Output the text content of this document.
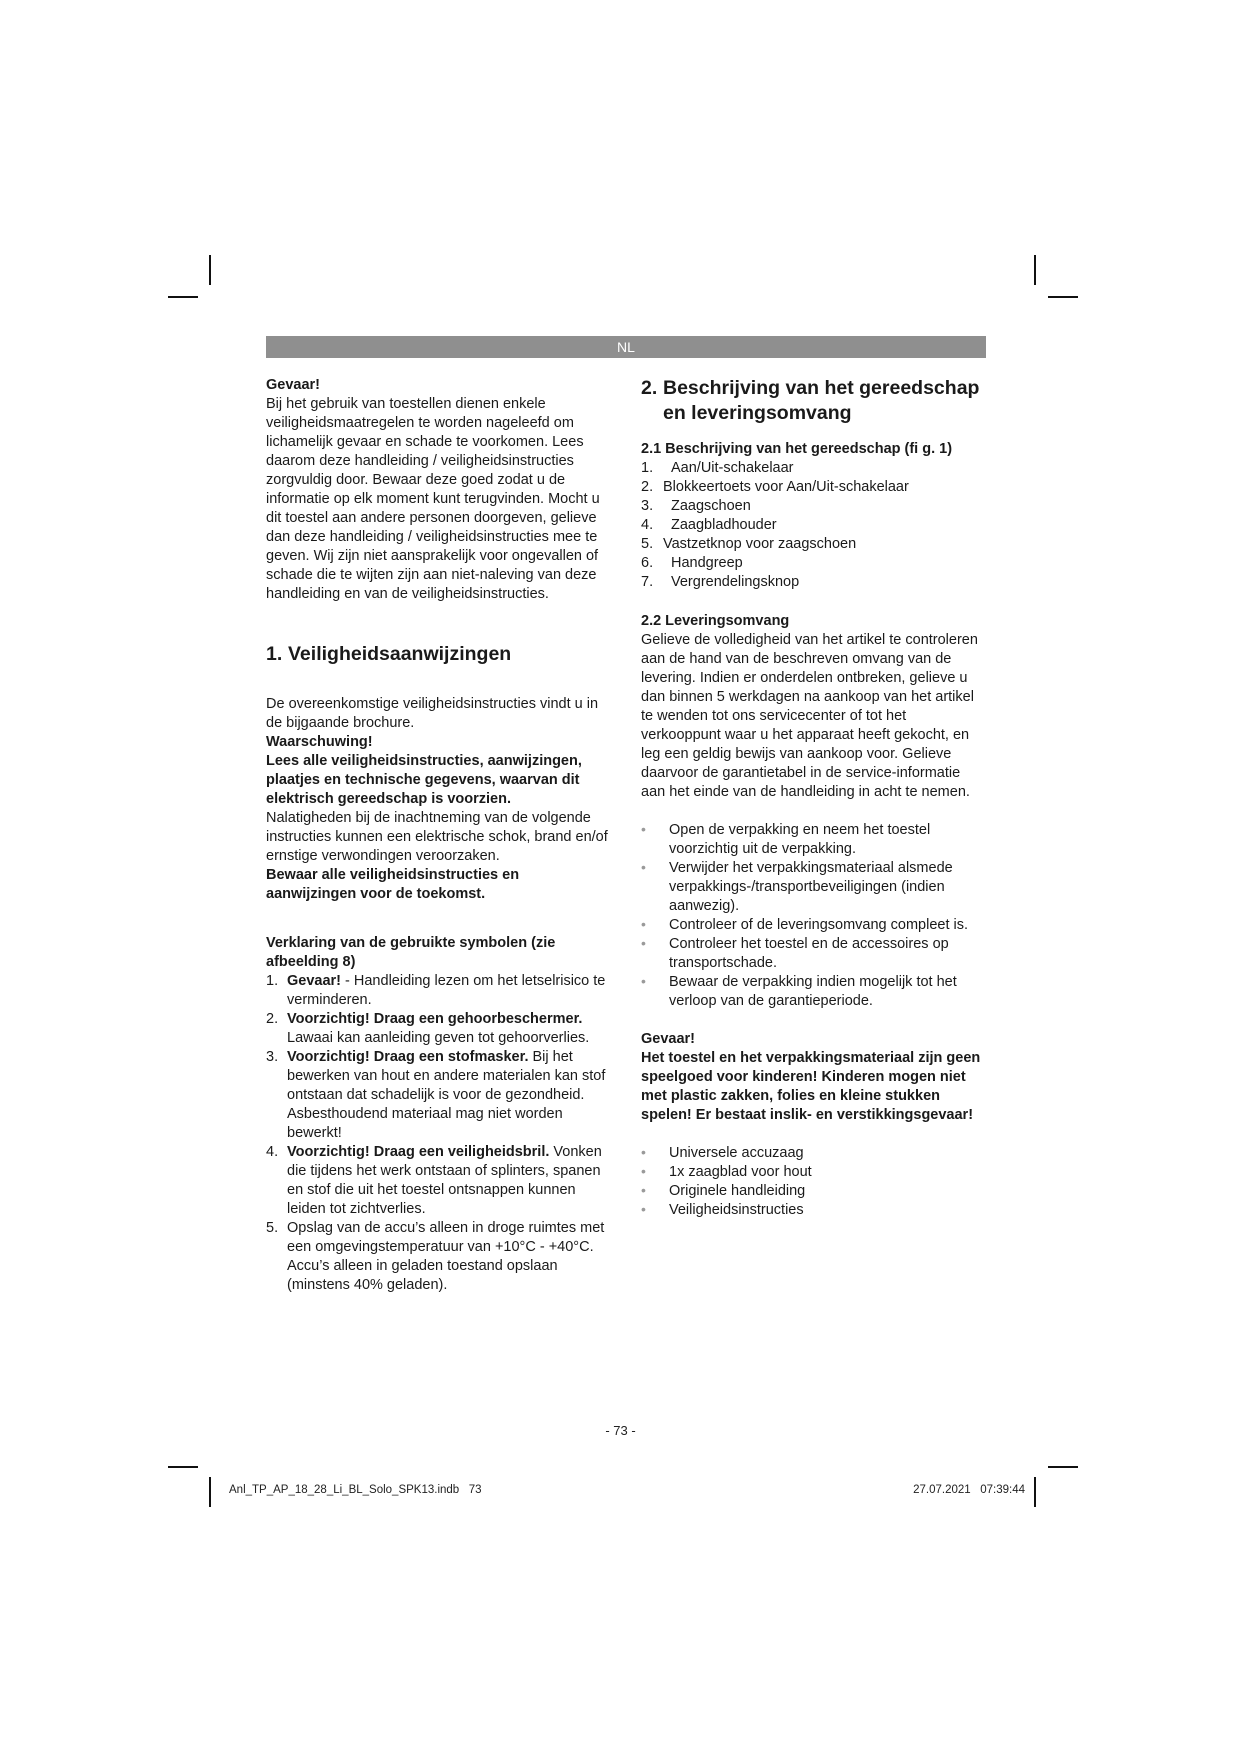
NL

Gevaar!

Bij het gebruik van toestellen dienen enkele veiligheidsmaatregelen te worden nageleefd om lichamelijk gevaar en schade te voorkomen. Lees daarom deze handleiding / veiligheidsinstructies zorgvuldig door. Bewaar deze goed zodat u de informatie op elk moment kunt terugvinden. Mocht u dit toestel aan andere personen doorgeven, gelieve dan deze handleiding / veiligheidsinstructies mee te geven. Wij zijn niet aansprakelijk voor ongevallen of schade die te wijten zijn aan niet-naleving van deze handleiding en van de veiligheidsinstructies.

1. Veiligheidsaanwijzingen

De overeenkomstige veiligheidsinstructies vindt u in de bijgaande brochure.

Waarschuwing!

Lees alle veiligheidsinstructies, aanwijzingen, plaatjes en technische gegevens, waarvan dit elektrisch gereedschap is voorzien.

Nalatigheden bij de inachtneming van de volgende instructies kunnen een elektrische schok, brand en/of ernstige verwondingen veroorzaken.

Bewaar alle veiligheidsinstructies en aanwijzingen voor de toekomst.

Verklaring van de gebruikte symbolen (zie afbeelding 8)

1. Gevaar! - Handleiding lezen om het letselrisico te verminderen.
2. Voorzichtig! Draag een gehoorbeschermer. Lawaai kan aanleiding geven tot gehoorverlies.
3. Voorzichtig! Draag een stofmasker. Bij het bewerken van hout en andere materialen kan stof ontstaan dat schadelijk is voor de gezondheid. Asbesthoudend materiaal mag niet worden bewerkt!
4. Voorzichtig! Draag een veiligheidsbril. Vonken die tijdens het werk ontstaan of splinters, spanen en stof die uit het toestel ontsnappen kunnen leiden tot zichtverlies.
5. Opslag van de accu’s alleen in droge ruimtes met een omgevingstemperatuur van +10°C - +40°C. Accu’s alleen in geladen toestand opslaan (minstens 40% geladen).

2. Beschrijving van het gereedschap
en leveringsomvang

2.1 Beschrijving van het gereedschap (fi g. 1)

1.	Aan/Uit-schakelaar
2. Blokkeertoets voor Aan/Uit-schakelaar
3.	Zaagschoen
4.	Zaagbladhouder
5. Vastzetknop voor zaagschoen
6.	Handgreep
7.	Vergrendelingsknop

2.2 Leveringsomvang

Gelieve de volledigheid van het artikel te controleren aan de hand van de beschreven omvang van de levering. Indien er onderdelen ontbreken, gelieve u dan binnen 5 werkdagen na aankoop van het artikel te wenden tot ons servicecenter of tot het verkooppunt waar u het apparaat heeft gekocht, en leg een geldig bewijs van aankoop voor. Gelieve daarvoor de garantietabel in de service-informatie aan het einde van de handleiding in acht te nemen.

• Open de verpakking en neem het toestel voorzichtig uit de verpakking.
• Verwijder het verpakkingsmateriaal alsmede verpakkings-/transportbeveiligingen (indien aanwezig).
• Controleer of de leveringsomvang compleet is.
• Controleer het toestel en de accessoires op transportschade.
• Bewaar de verpakking indien mogelijk tot het verloop van de garantieperiode.

Gevaar!

Het toestel en het verpakkingsmateriaal zijn geen speelgoed voor kinderen! Kinderen mogen niet met plastic zakken, folies en kleine stukken spelen! Er bestaat inslik- en verstikkingsgevaar!

• Universele accuzaag
• 1x zaagblad voor hout
• Originele handleiding
• Veiligheidsinstructies
- 73 -
Anl_TP_AP_18_28_Li_BL_Solo_SPK13.indb   73	27.07.2021   07:39:44
